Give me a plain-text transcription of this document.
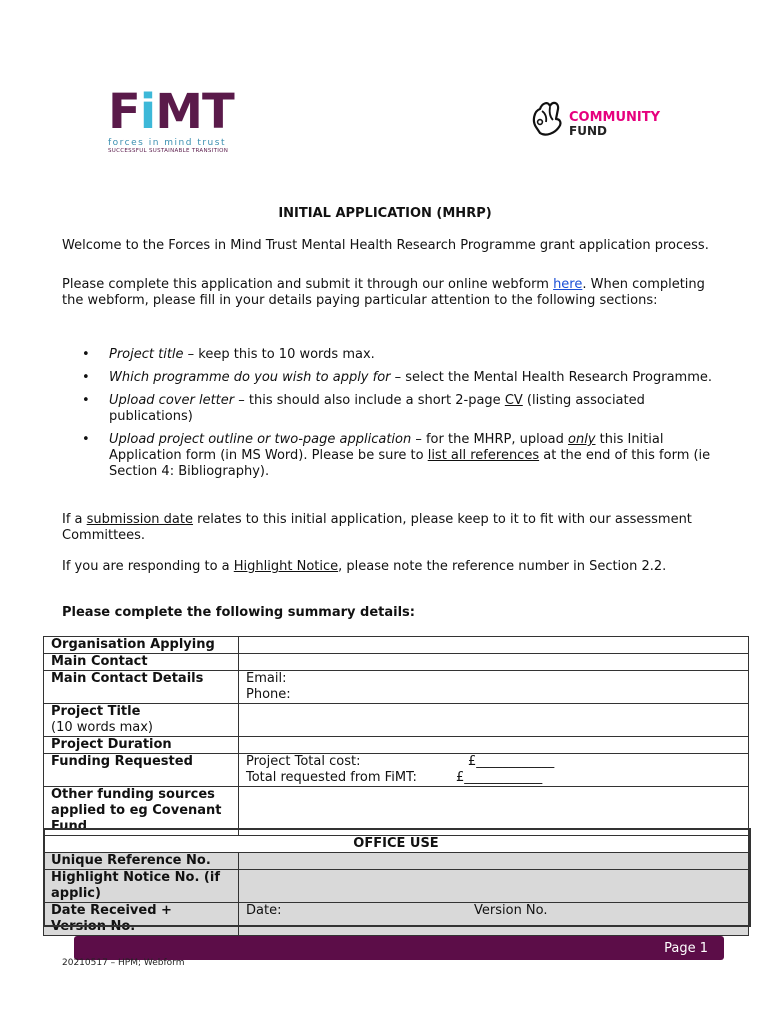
FiMT
forces in mind trust
SUCCESSFUL SUSTAINABLE TRANSITION
COMMUNITY
FUND
INITIAL APPLICATION (MHRP)
Welcome to the Forces in Mind Trust Mental Health Research Programme grant application process.
Please complete this application and submit it through our online webform here. When completing the webform, please fill in your details paying particular attention to the following sections:
• Project title – keep this to 10 words max.
• Which programme do you wish to apply for – select the Mental Health Research Programme.
• Upload cover letter – this should also include a short 2-page CV (listing associated publications)
• Upload project outline or two-page application – for the MHRP, upload only this Initial Application form (in MS Word). Please be sure to list all references at the end of this form (ie Section 4: Bibliography).
If a submission date relates to this initial application, please keep to it to fit with our assessment Committees.
If you are responding to a Highlight Notice, please note the reference number in Section 2.2.
Please complete the following summary details:
Organisation Applying	
Main Contact	
Main Contact Details	Email:
Phone:

Project Title
(10 words max)	

Project Duration	
Funding Requested	Project Total cost: £____________
Total requested from FiMT: £____________

Other funding sources applied to eg Covenant Fund	
OFFICE USE	
Unique Reference No.	
Highlight Notice No. (if applic)	
Date Received + Version No.	Date: Version No.
Page 1
20210517 – HPM; Webform
